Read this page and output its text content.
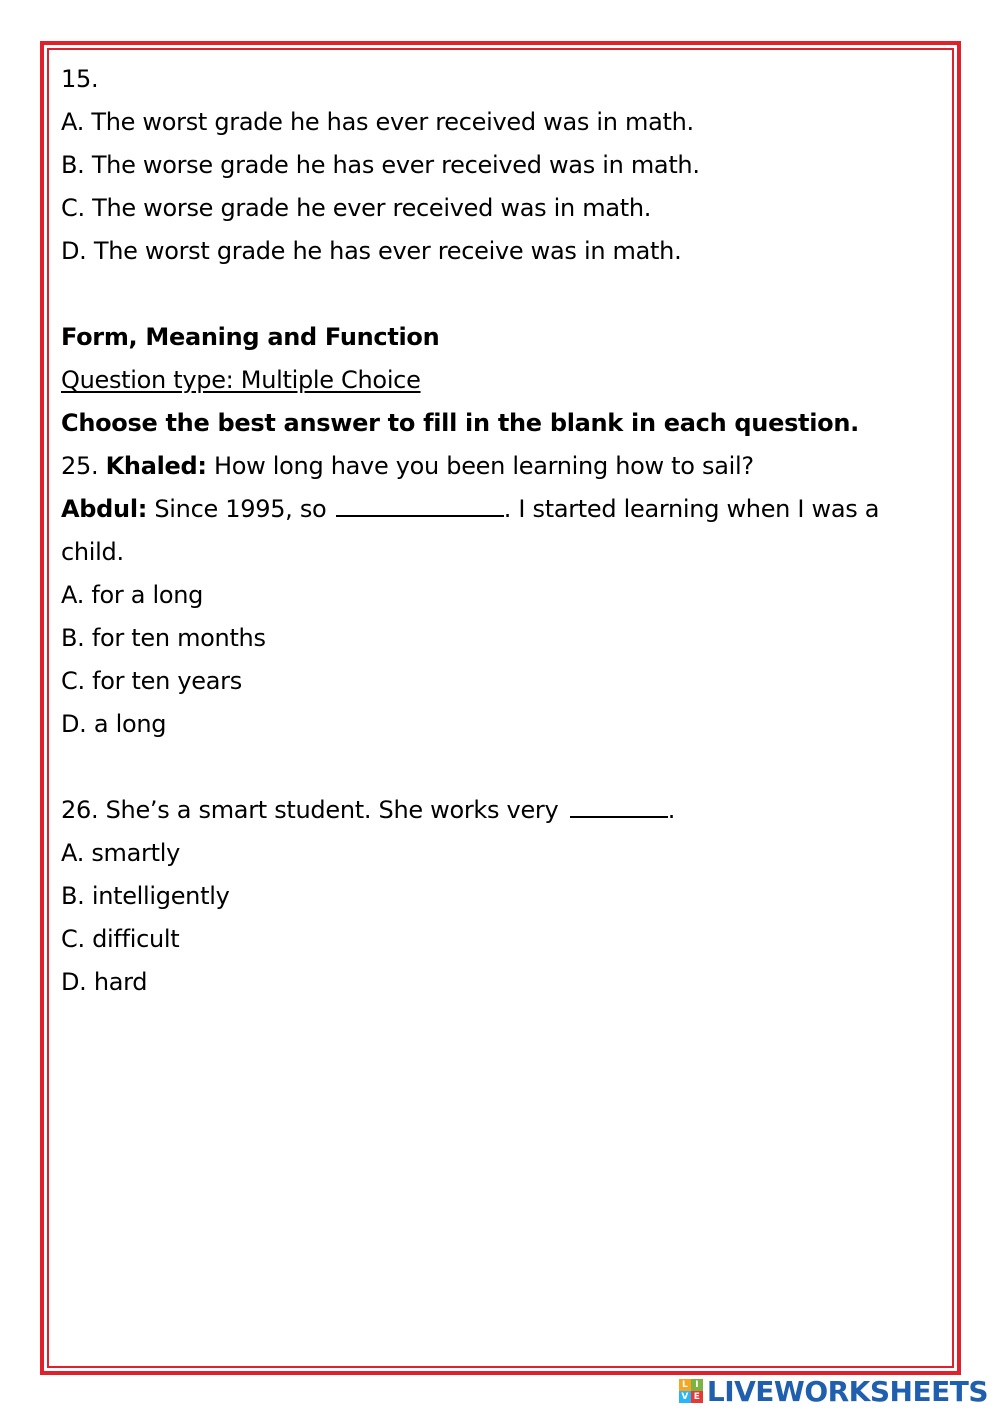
15.
A. The worst grade he has ever received was in math.
B. The worse grade he has ever received was in math.
C. The worse grade he ever received was in math.
D. The worst grade he has ever receive was in math.
Form, Meaning and Function
Question type: Multiple Choice
Choose the best answer to fill in the blank in each question.
25. Khaled: How long have you been learning how to sail?
Abdul: Since 1995, so	. I started learning when I was a
child.
A. for a long
B. for ten months
C. for ten years
D. a long
26. She’s a smart student. She works very	.
A. smartly
B. intelligently
C. difficult
D. hard
L I
V E LIVEWORKSHEETS
